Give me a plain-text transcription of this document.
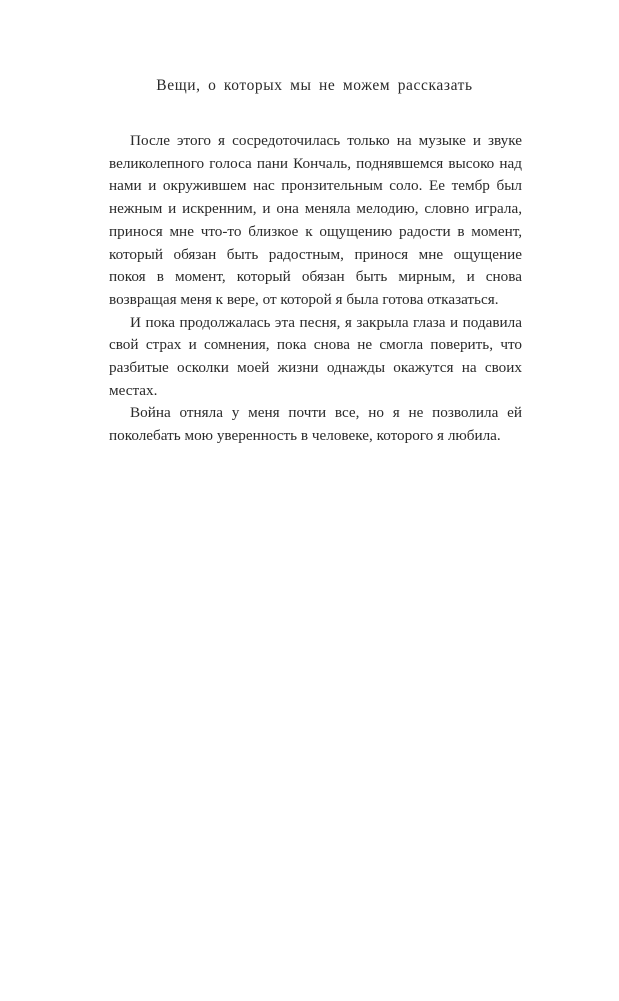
Вещи, о которых мы не можем рассказать

После этого я сосредоточилась только на музыке и звуке великолепного голоса пани Кончаль, поднявшемся высоко над нами и окружившем нас пронзительным соло. Ее тембр был нежным и искренним, и она меняла мелодию, словно играла, принося мне что-то близкое к ощущению радости в момент, который обязан быть радостным, принося мне ощущение покоя в момент, который обязан быть мирным, и снова возвращая меня к вере, от которой я была готова отказаться.

И пока продолжалась эта песня, я закрыла глаза и подавила свой страх и сомнения, пока снова не смогла поверить, что разбитые осколки моей жизни однажды окажутся на своих местах.

Война отняла у меня почти все, но я не позволила ей поколебать мою уверенность в человеке, которого я любила.
